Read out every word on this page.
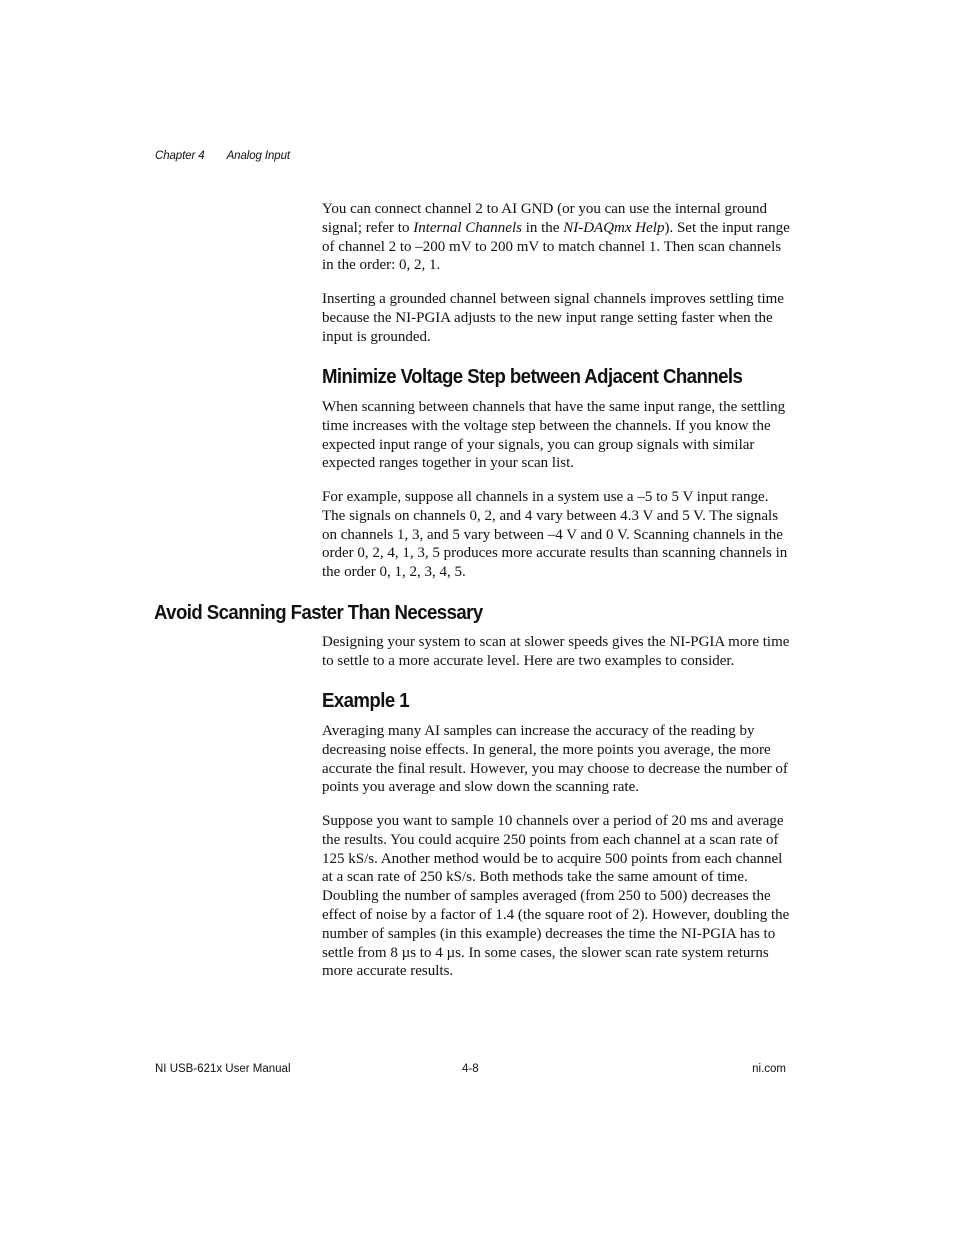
Chapter 4 Analog Input

You can connect channel 2 to AI GND (or you can use the internal ground signal; refer to Internal Channels in the NI-DAQmx Help). Set the input range of channel 2 to –200 mV to 200 mV to match channel 1. Then scan channels in the order: 0, 2, 1.

Inserting a grounded channel between signal channels improves settling time because the NI-PGIA adjusts to the new input range setting faster when the input is grounded.

Minimize Voltage Step between Adjacent Channels

When scanning between channels that have the same input range, the settling time increases with the voltage step between the channels. If you know the expected input range of your signals, you can group signals with similar expected ranges together in your scan list.

For example, suppose all channels in a system use a –5 to 5 V input range. The signals on channels 0, 2, and 4 vary between 4.3 V and 5 V. The signals on channels 1, 3, and 5 vary between –4 V and 0 V. Scanning channels in the order 0, 2, 4, 1, 3, 5 produces more accurate results than scanning channels in the order 0, 1, 2, 3, 4, 5.

Avoid Scanning Faster Than Necessary

Designing your system to scan at slower speeds gives the NI-PGIA more time to settle to a more accurate level. Here are two examples to consider.

Example 1

Averaging many AI samples can increase the accuracy of the reading by decreasing noise effects. In general, the more points you average, the more accurate the final result. However, you may choose to decrease the number of points you average and slow down the scanning rate.

Suppose you want to sample 10 channels over a period of 20 ms and average the results. You could acquire 250 points from each channel at a scan rate of 125 kS/s. Another method would be to acquire 500 points from each channel at a scan rate of 250 kS/s. Both methods take the same amount of time. Doubling the number of samples averaged (from 250 to 500) decreases the effect of noise by a factor of 1.4 (the square root of 2). However, doubling the number of samples (in this example) decreases the time the NI-PGIA has to settle from 8 µs to 4 µs. In some cases, the slower scan rate system returns more accurate results.

NI USB-621x User Manual	4-8	ni.com
